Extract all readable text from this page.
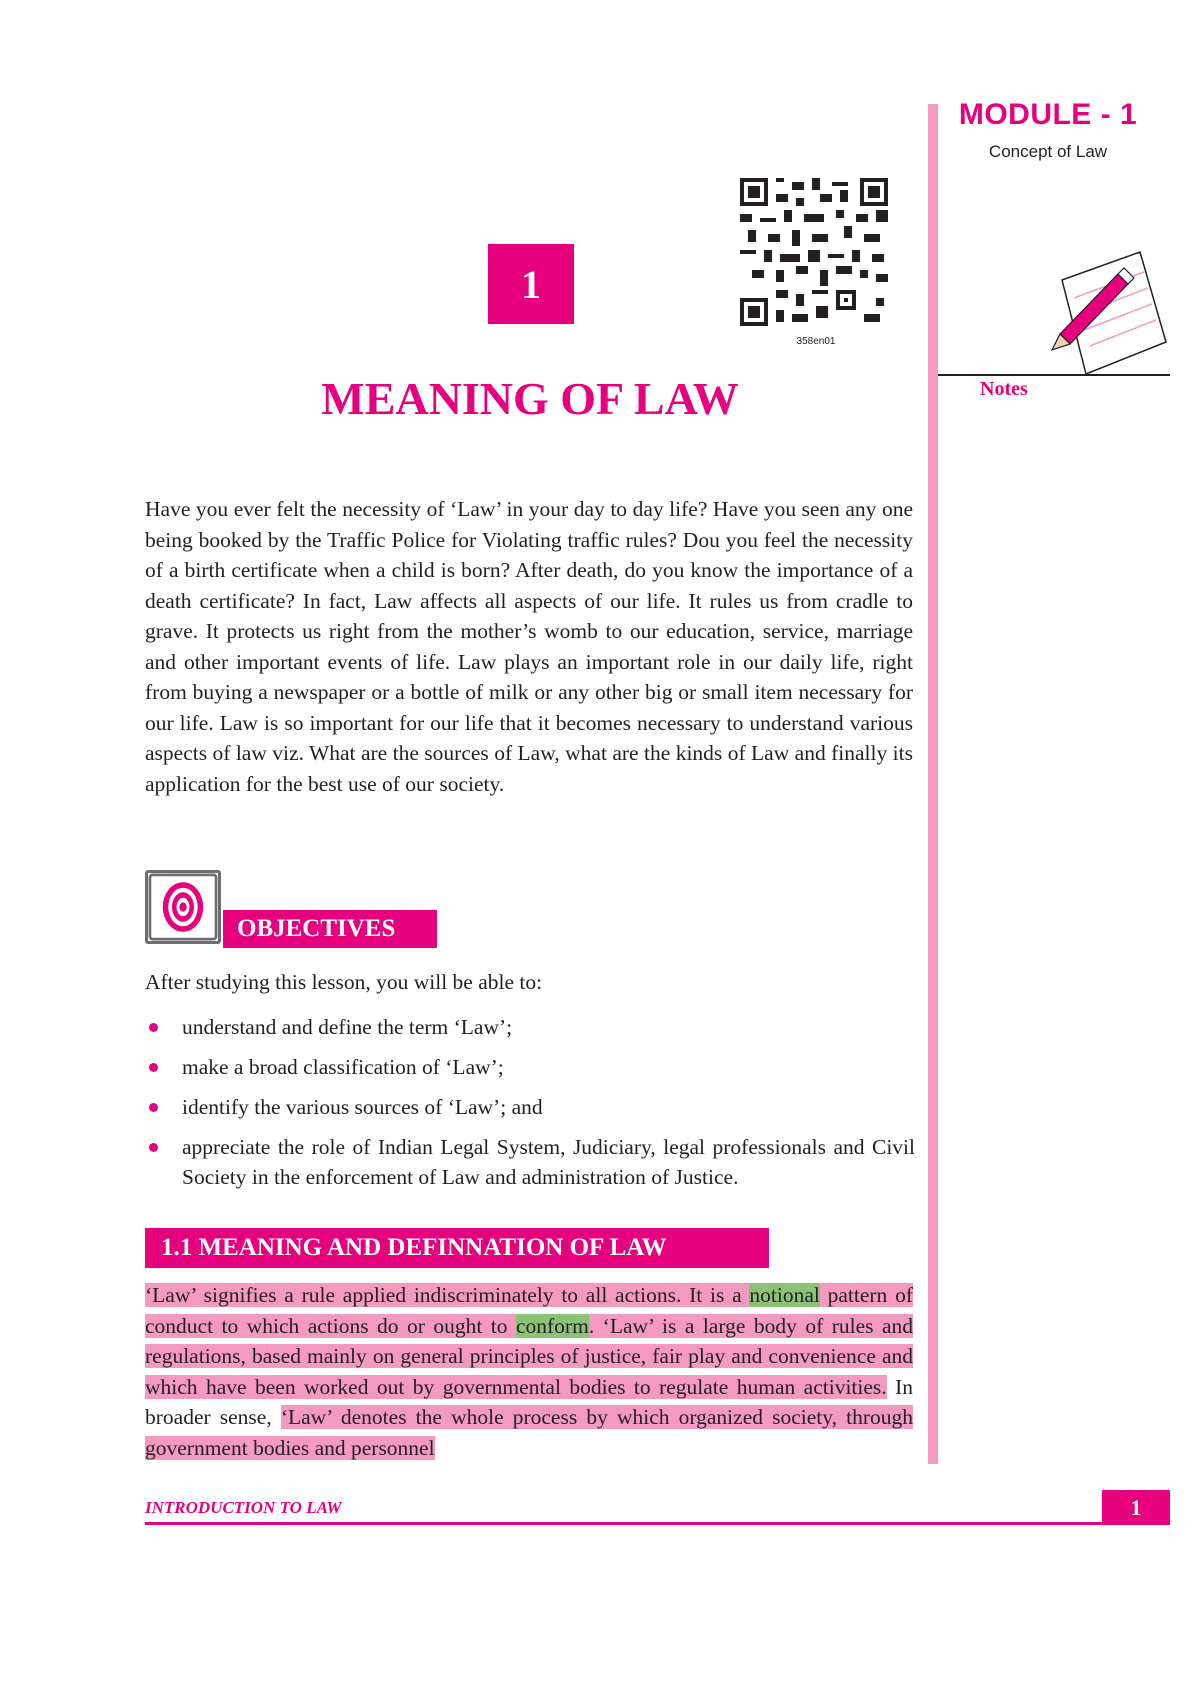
MODULE - 1
Concept of Law
Notes
1
358en01
MEANING OF LAW
Have you ever felt the necessity of ‘Law’ in your day to day life? Have you seen any one being booked by the Traffic Police for Violating traffic rules? Dou you feel the necessity of a birth certificate when a child is born? After death, do you know the importance of a death certificate? In fact, Law affects all aspects of our life. It rules us from cradle to grave. It protects us right from the mother’s womb to our education, service, marriage and other important events of life. Law plays an important role in our daily life, right from buying a newspaper or a bottle of milk or any other big or small item necessary for our life. Law is so important for our life that it becomes necessary to understand various aspects of law viz. What are the sources of Law, what are the kinds of Law and finally its application for the best use of our society.
OBJECTIVES
After studying this lesson, you will be able to:
understand and define the term ‘Law’;
make a broad classification of ‘Law’;
identify the various sources of ‘Law’; and
appreciate the role of Indian Legal System, Judiciary, legal professionals and Civil Society in the enforcement of Law and administration of Justice.
1.1 MEANING AND DEFINNATION OF LAW
‘Law’ signifies a rule applied indiscriminately to all actions. It is a notional pattern of conduct to which actions do or ought to conform. ‘Law’ is a large body of rules and regulations, based mainly on general principles of justice, fair play and convenience and which have been worked out by governmental bodies to regulate human activities. In broader sense, ‘Law’ denotes the whole process by which organized society, through government bodies and personnel
INTRODUCTION TO LAW	1
